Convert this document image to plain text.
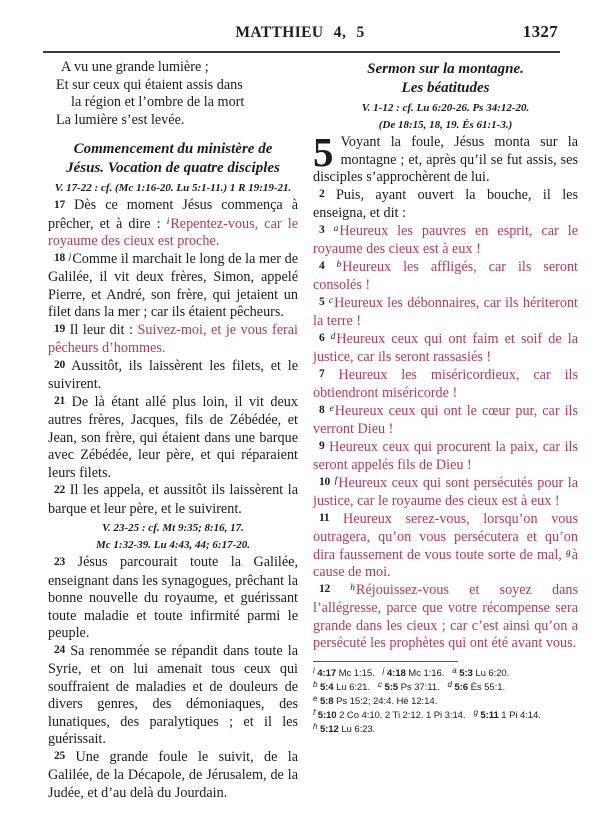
MATTHIEU 4, 5	1327
A vu une grande lumière ;
Et sur ceux qui étaient assis dans
la région et l’ombre de la mort
La lumière s’est levée.
Commencement du ministère de
Jésus. Vocation de quatre disciples
V. 17-22 : cf. (Mc 1:16-20. Lu 5:1-11.) 1 R 19:19-21.

17 Dès ce moment Jésus commença à prêcher, et à dire : $^i$Repentez-vous, car le royaume des cieux est proche.

18 $^j$Comme il marchait le long de la mer de Galilée, il vit deux frères, Simon, appelé Pierre, et André, son frère, qui jetaient un filet dans la mer ; car ils étaient pêcheurs.

19 Il leur dit : Suivez-moi, et je vous ferai pêcheurs d’hommes.

20 Aussitôt, ils laissèrent les filets, et le suivirent.

21 De là étant allé plus loin, il vit deux autres frères, Jacques, fils de Zébédée, et Jean, son frère, qui étaient dans une barque avec Zébédée, leur père, et qui réparaient leurs filets.

22 Il les appela, et aussitôt ils laissèrent la barque et leur père, et le suivirent.

V. 23-25 : cf. Mt 9:35; 8:16, 17.
Mc 1:32-39. Lu 4:43, 44; 6:17-20.

23 Jésus parcourait toute la Galilée, enseignant dans les synagogues, prêchant la bonne nouvelle du royaume, et guérissant toute maladie et toute infirmité parmi le peuple.

24 Sa renommée se répandit dans toute la Syrie, et on lui amenait tous ceux qui souffraient de maladies et de douleurs de divers genres, des démoniaques, des lunatiques, des paralytiques ; et il les guérissait.

25 Une grande foule le suivit, de la Galilée, de la Décapole, de Jérusalem, de la Judée, et d’au delà du Jourdain.

Sermon sur la montagne.
Les béatitudes
V. 1-12 : cf. Lu 6:20-26. Ps 34:12-20.
(De 18:15, 18, 19. És 61:1-3.)

5 Voyant la foule, Jésus monta sur la montagne ; et, après qu’il se fut assis, ses disciples s’approchèrent de lui.

2 Puis, ayant ouvert la bouche, il les enseigna, et dit :

3 $^a$Heureux les pauvres en esprit, car le royaume des cieux est à eux !

4 $^b$Heureux les affligés, car ils seront consolés !

5 $^c$Heureux les débonnaires, car ils hériteront la terre !

6 $^d$Heureux ceux qui ont faim et soif de la justice, car ils seront rassasiés !

7 Heureux les miséricordieux, car ils obtiendront miséricorde !

8 $^e$Heureux ceux qui ont le cœur pur, car ils verront Dieu !

9 Heureux ceux qui procurent la paix, car ils seront appelés fils de Dieu !

10 $^f$Heureux ceux qui sont persécutés pour la justice, car le royaume des cieux est à eux !

11 Heureux serez-vous, lorsqu’on vous outragera, qu’on vous persécutera et qu’on dira faussement de vous toute sorte de mal, $^g$à cause de moi.

12 $^h$Réjouissez-vous et soyez dans l’allégresse, parce que votre récompense sera grande dans les cieux ; car c’est ainsi qu’on a persécuté les prophètes qui ont été avant vous.

$^i$ 4:17 Mc 1:15. $^j$ 4:18 Mc 1:16. $^a$ 5:3 Lu 6:20.
$^b$ 5:4 Lu 6:21. $^c$ 5:5 Ps 37:11. $^d$ 5:6 És 55:1.
$^e$ 5:8 Ps 15:2; 24:4. Hé 12:14.
$^f$ 5:10 2 Co 4:10. 2 Ti 2:12. 1 Pi 3:14. $^g$ 5:11 1 Pi 4:14.
$^h$ 5:12 Lu 6:23.
